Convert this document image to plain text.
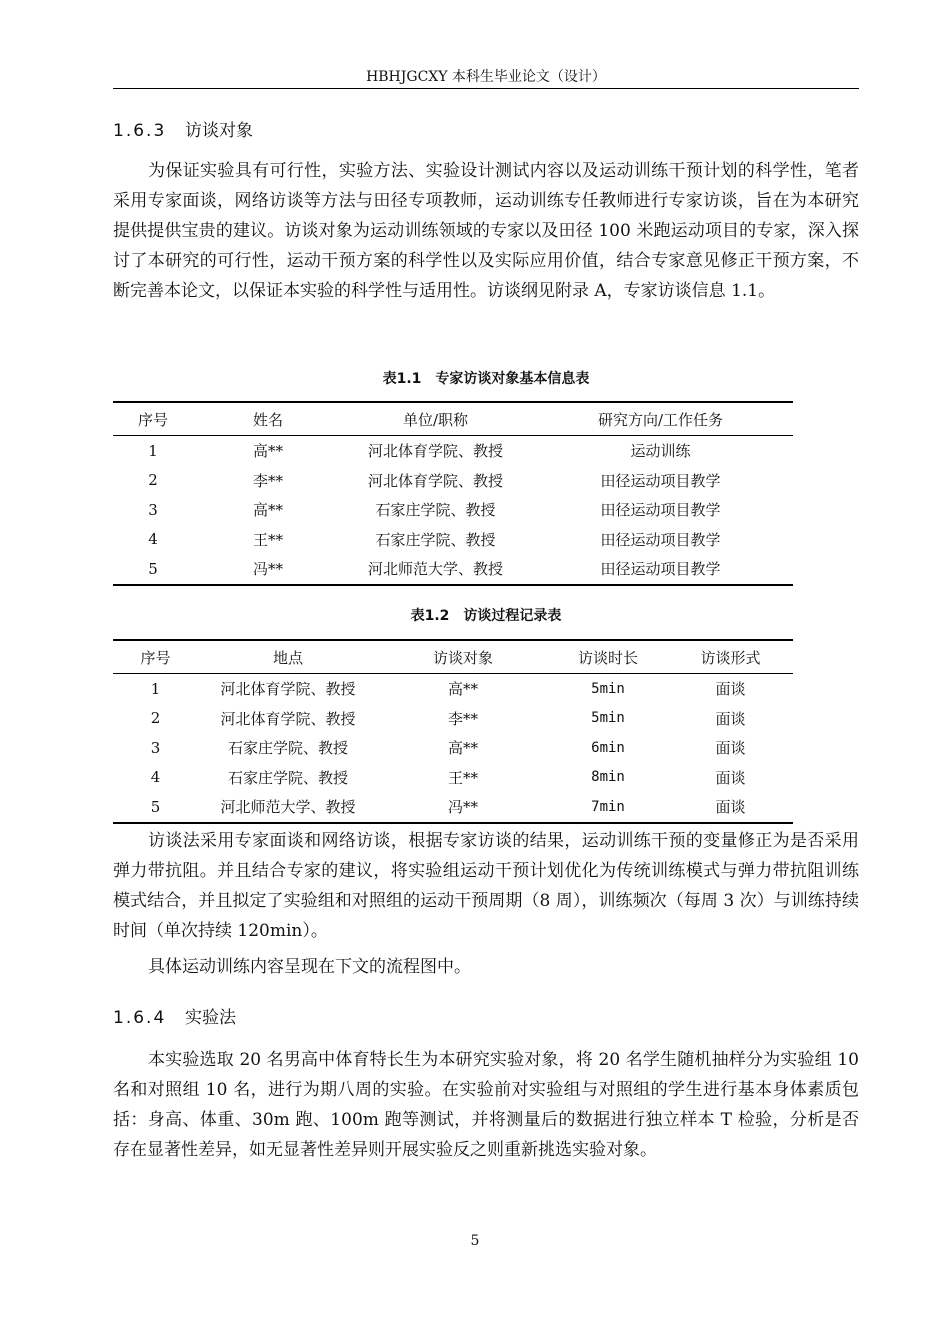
HBHJGCXY 本科生毕业论文（设计）
1.6.3 访谈对象

为保证实验具有可行性，实验方法、实验设计测试内容以及运动训练干预计划的科学性，笔者采用专家面谈，网络访谈等方法与田径专项教师，运动训练专任教师进行专家访谈，旨在为本研究提供提供宝贵的建议。访谈对象为运动训练领域的专家以及田径 100 米跑运动项目的专家，深入探讨了本研究的可行性，运动干预方案的科学性以及实际应用价值，结合专家意见修正干预方案，不断完善本论文，以保证本实验的科学性与适用性。访谈纲见附录 A，专家访谈信息 1.1。

表1.1 专家访谈对象基本信息表
序号	姓名	单位/职称	研究方向/工作任务
1	高**	河北体育学院、教授	运动训练
2	李**	河北体育学院、教授	田径运动项目教学
3	高**	石家庄学院、教授	田径运动项目教学
4	王**	石家庄学院、教授	田径运动项目教学
5	冯**	河北师范大学、教授	田径运动项目教学
表1.2 访谈过程记录表
序号	地点	访谈对象	访谈时长	访谈形式
1	河北体育学院、教授	高**	5min	面谈
2	河北体育学院、教授	李**	5min	面谈
3	石家庄学院、教授	高**	6min	面谈
4	石家庄学院、教授	王**	8min	面谈
5	河北师范大学、教授	冯**	7min	面谈

访谈法采用专家面谈和网络访谈，根据专家访谈的结果，运动训练干预的变量修正为是否采用弹力带抗阻。并且结合专家的建议，将实验组运动干预计划优化为传统训练模式与弹力带抗阻训练模式结合，并且拟定了实验组和对照组的运动干预周期（8 周），训练频次（每周 3 次）与训练持续时间（单次持续 120min）。

具体运动训练内容呈现在下文的流程图中。

1.6.4 实验法

本实验选取 20 名男高中体育特长生为本研究实验对象，将 20 名学生随机抽样分为实验组 10 名和对照组 10 名，进行为期八周的实验。在实验前对实验组与对照组的学生进行基本身体素质包括：身高、体重、30m 跑、100m 跑等测试，并将测量后的数据进行独立样本 T 检验，分析是否存在显著性差异，如无显著性差异则开展实验反之则重新挑选实验对象。

5
